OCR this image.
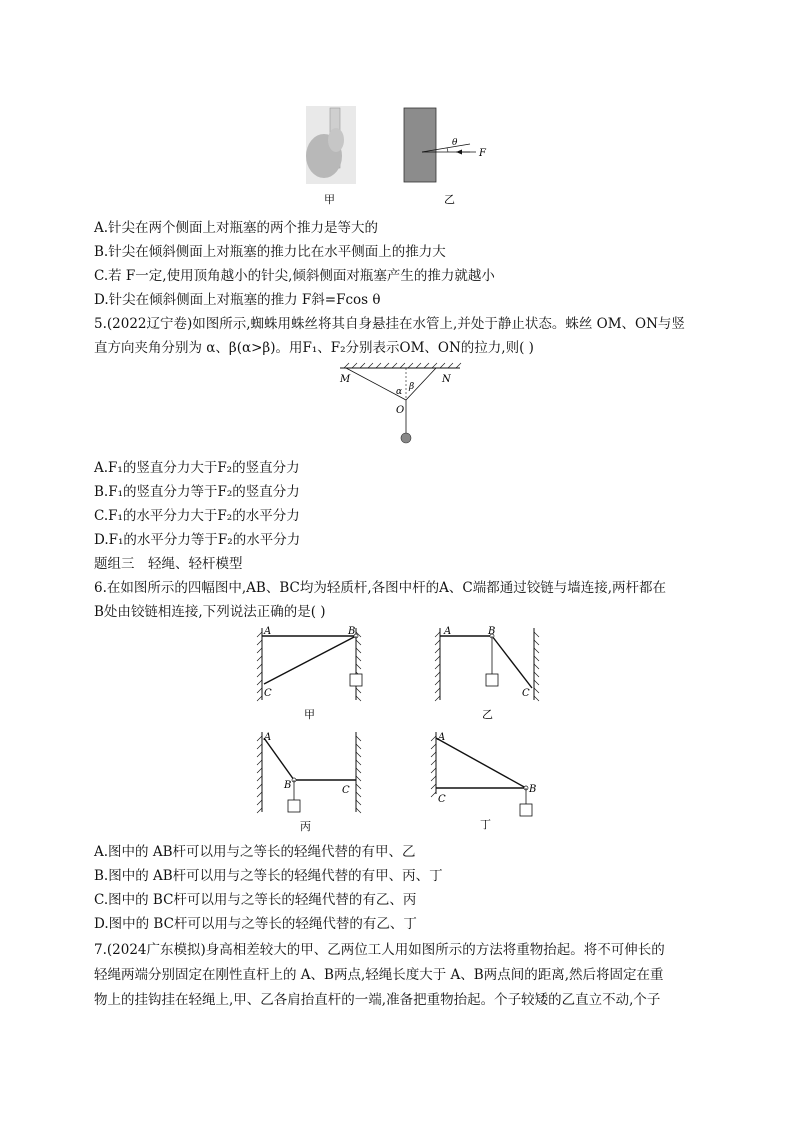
θ
F
甲	乙
A.针尖在两个侧面上对瓶塞的两个推力是等大的
B.针尖在倾斜侧面上对瓶塞的推力比在水平侧面上的推力大
C.若 F一定,使用顶角越小的针尖,倾斜侧面对瓶塞产生的推力就越小
D.针尖在倾斜侧面上对瓶塞的推力 F斜=Fcos θ
5.(2022辽宁卷)如图所示,蜘蛛用蛛丝将其自身悬挂在水管上,并处于静止状态。蛛丝 OM、ON与竖
直方向夹角分别为 α、β(α>β)。用F₁、F₂分别表示OM、ON的拉力,则( )
M	N
O
α β
A.F₁的竖直分力大于F₂的竖直分力
B.F₁的竖直分力等于F₂的竖直分力
C.F₁的水平分力大于F₂的水平分力
D.F₁的水平分力等于F₂的水平分力
题组三　轻绳、轻杆模型
6.在如图所示的四幅图中,AB、BC均为轻质杆,各图中杆的A、C端都通过铰链与墙连接,两杆都在
B处由铰链相连接,下列说法正确的是( )
A	B
C
甲
A	B
C
乙
A
B	C
丙
A
B
C
丁
A.图中的 AB杆可以用与之等长的轻绳代替的有甲、乙
B.图中的 AB杆可以用与之等长的轻绳代替的有甲、丙、丁
C.图中的 BC杆可以用与之等长的轻绳代替的有乙、丙
D.图中的 BC杆可以用与之等长的轻绳代替的有乙、丁
7.(2024广东模拟)身高相差较大的甲、乙两位工人用如图所示的方法将重物抬起。将不可伸长的
轻绳两端分别固定在刚性直杆上的 A、B两点,轻绳长度大于 A、B两点间的距离,然后将固定在重
物上的挂钩挂在轻绳上,甲、乙各肩抬直杆的一端,准备把重物抬起。个子较矮的乙直立不动,个子
